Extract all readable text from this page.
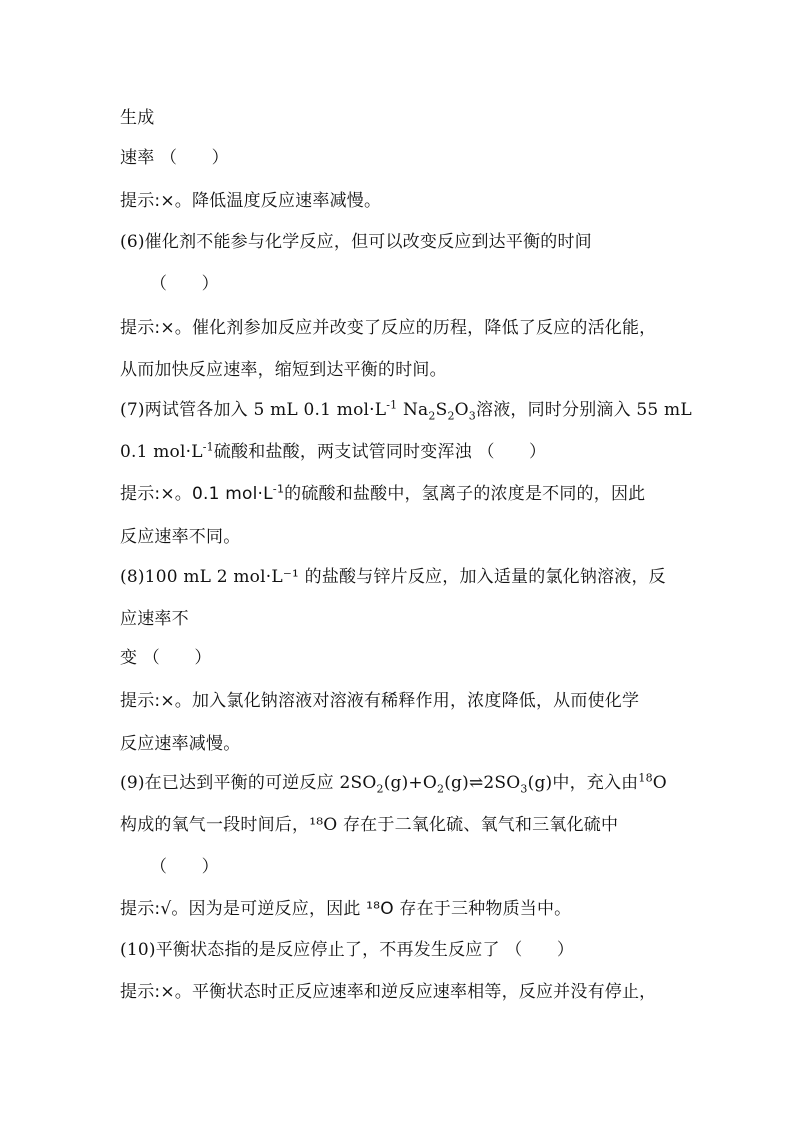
生成
速率 （　　）
提示:×。降低温度反应速率减慢。
(6)催化剂不能参与化学反应，但可以改变反应到达平衡的时间
（　　）
提示:×。催化剂参加反应并改变了反应的历程，降低了反应的活化能，
从而加快反应速率，缩短到达平衡的时间。
(7)两试管各加入 5 mL 0.1 $mol\cdot L^{-1}$ $Na_2S_2O_3$溶液，同时分别滴入 55 mL
0.1 $mol\cdot L^{-1}$硫酸和盐酸，两支试管同时变浑浊 （　　）
提示:×。0.1 $mol\cdot L^{-1}$的硫酸和盐酸中，氢离子的浓度是不同的，因此
反应速率不同。
(8)100 mL 2 mol·L⁻¹ 的盐酸与锌片反应，加入适量的氯化钠溶液，反
应速率不
变 （　　）
提示:×。加入氯化钠溶液对溶液有稀释作用，浓度降低，从而使化学
反应速率减慢。
(9)在已达到平衡的可逆反应 $2SO_2(g)+O_2(g)\rightleftharpoons 2SO_3(g)$中，充入由$^{18}$O
构成的氧气一段时间后，¹⁸O 存在于二氧化硫、氧气和三氧化硫中
（　　）
提示:√。因为是可逆反应，因此 ¹⁸O 存在于三种物质当中。
(10)平衡状态指的是反应停止了，不再发生反应了 （　　）
提示:×。平衡状态时正反应速率和逆反应速率相等，反应并没有停止，
